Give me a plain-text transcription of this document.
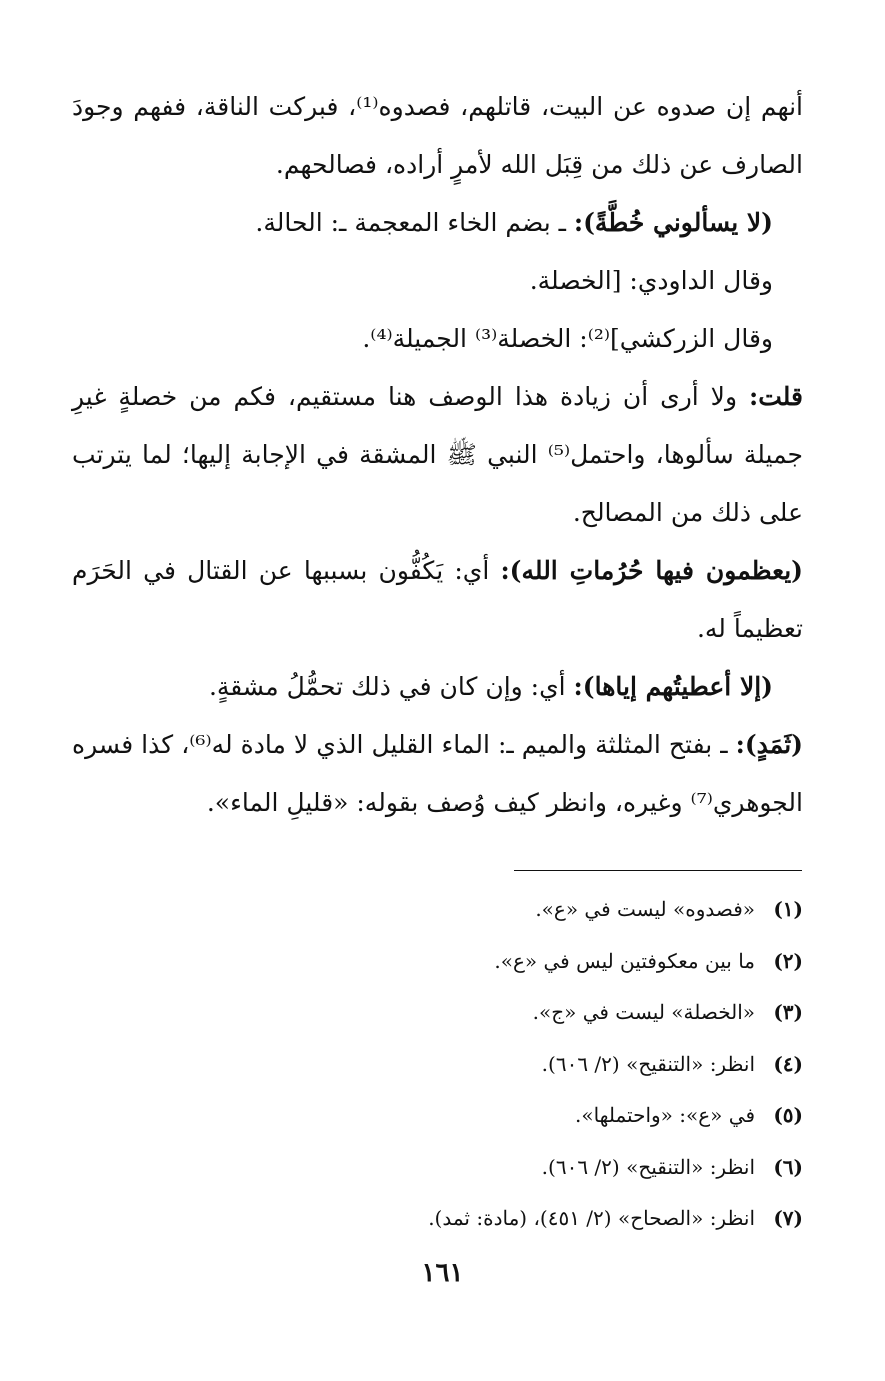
أنهم إن صدوه عن البيت، قاتلهم، فصدوه⁽¹⁾، فبركت الناقة، ففهم وجودَ الصارف عن ذلك من قِبَل الله لأمرٍ أراده، فصالحهم.

(لا يسألوني خُطَّةً): ـ بضم الخاء المعجمة ـ: الحالة.

وقال الداودي: [الخصلة.

وقال الزركشي]⁽²⁾: الخصلة⁽³⁾ الجميلة⁽⁴⁾.

قلت: ولا أرى أن زيادة هذا الوصف هنا مستقيم، فكم من خصلةٍ غيرِ جميلة سألوها، واحتمل⁽⁵⁾ النبي ﷺ المشقة في الإجابة إليها؛ لما يترتب على ذلك من المصالح.

(يعظمون فيها حُرُماتِ الله): أي: يَكُفُّون بسببها عن القتال في الحَرَم تعظيماً له.

(إلا أعطيتُهم إياها): أي: وإن كان في ذلك تحمُّلُ مشقةٍ.

(ثَمَدٍ): ـ بفتح المثلثة والميم ـ: الماء القليل الذي لا مادة له⁽⁶⁾، كذا فسره الجوهري⁽⁷⁾ وغيره، وانظر كيف وُصف بقوله: «قليلِ الماء».

(١)«فصدوه» ليست في «ع».
(٢)ما بين معكوفتين ليس في «ع».
(٣)«الخصلة» ليست في «ج».
(٤)انظر: «التنقيح» (٢/ ٦٠٦).
(٥)في «ع»: «واحتملها».
(٦)انظر: «التنقيح» (٢/ ٦٠٦).
(٧)انظر: «الصحاح» (٢/ ٤٥١)، (مادة: ثمد).
١٦١
